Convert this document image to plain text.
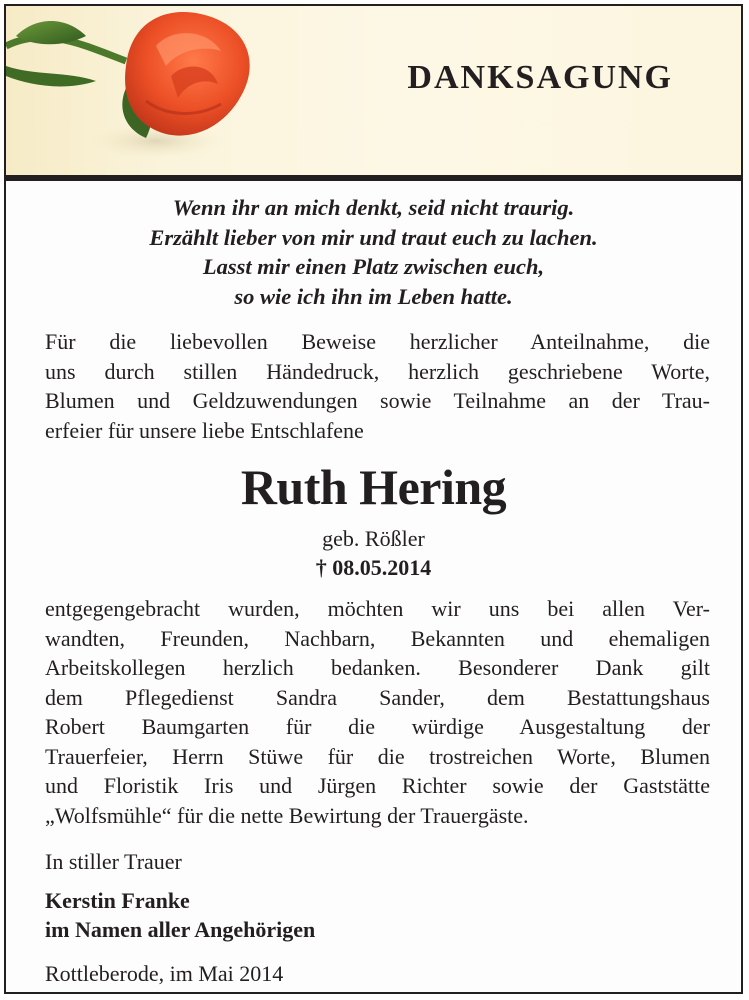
DANKSAGUNG
Wenn ihr an mich denkt, seid nicht traurig.
Erzählt lieber von mir und traut euch zu lachen.
Lasst mir einen Platz zwischen euch,
so wie ich ihn im Leben hatte.
Für die liebevollen Beweise herzlicher Anteilnahme, die
uns durch stillen Händedruck, herzlich geschriebene Worte,
Blumen und Geldzuwendungen sowie Teilnahme an der Trau-
erfeier für unsere liebe Entschlafene
Ruth Hering
geb. Rößler
† 08.05.2014
entgegengebracht wurden, möchten wir uns bei allen Ver-
wandten, Freunden, Nachbarn, Bekannten und ehemaligen
Arbeitskollegen herzlich bedanken. Besonderer Dank gilt
dem Pflegedienst Sandra Sander, dem Bestattungshaus
Robert Baumgarten für die würdige Ausgestaltung der
Trauerfeier, Herrn Stüwe für die trostreichen Worte, Blumen
und Floristik Iris und Jürgen Richter sowie der Gaststätte
„Wolfsmühle“ für die nette Bewirtung der Trauergäste.
In stiller Trauer
Kerstin Franke
im Namen aller Angehörigen
Rottleberode, im Mai 2014
